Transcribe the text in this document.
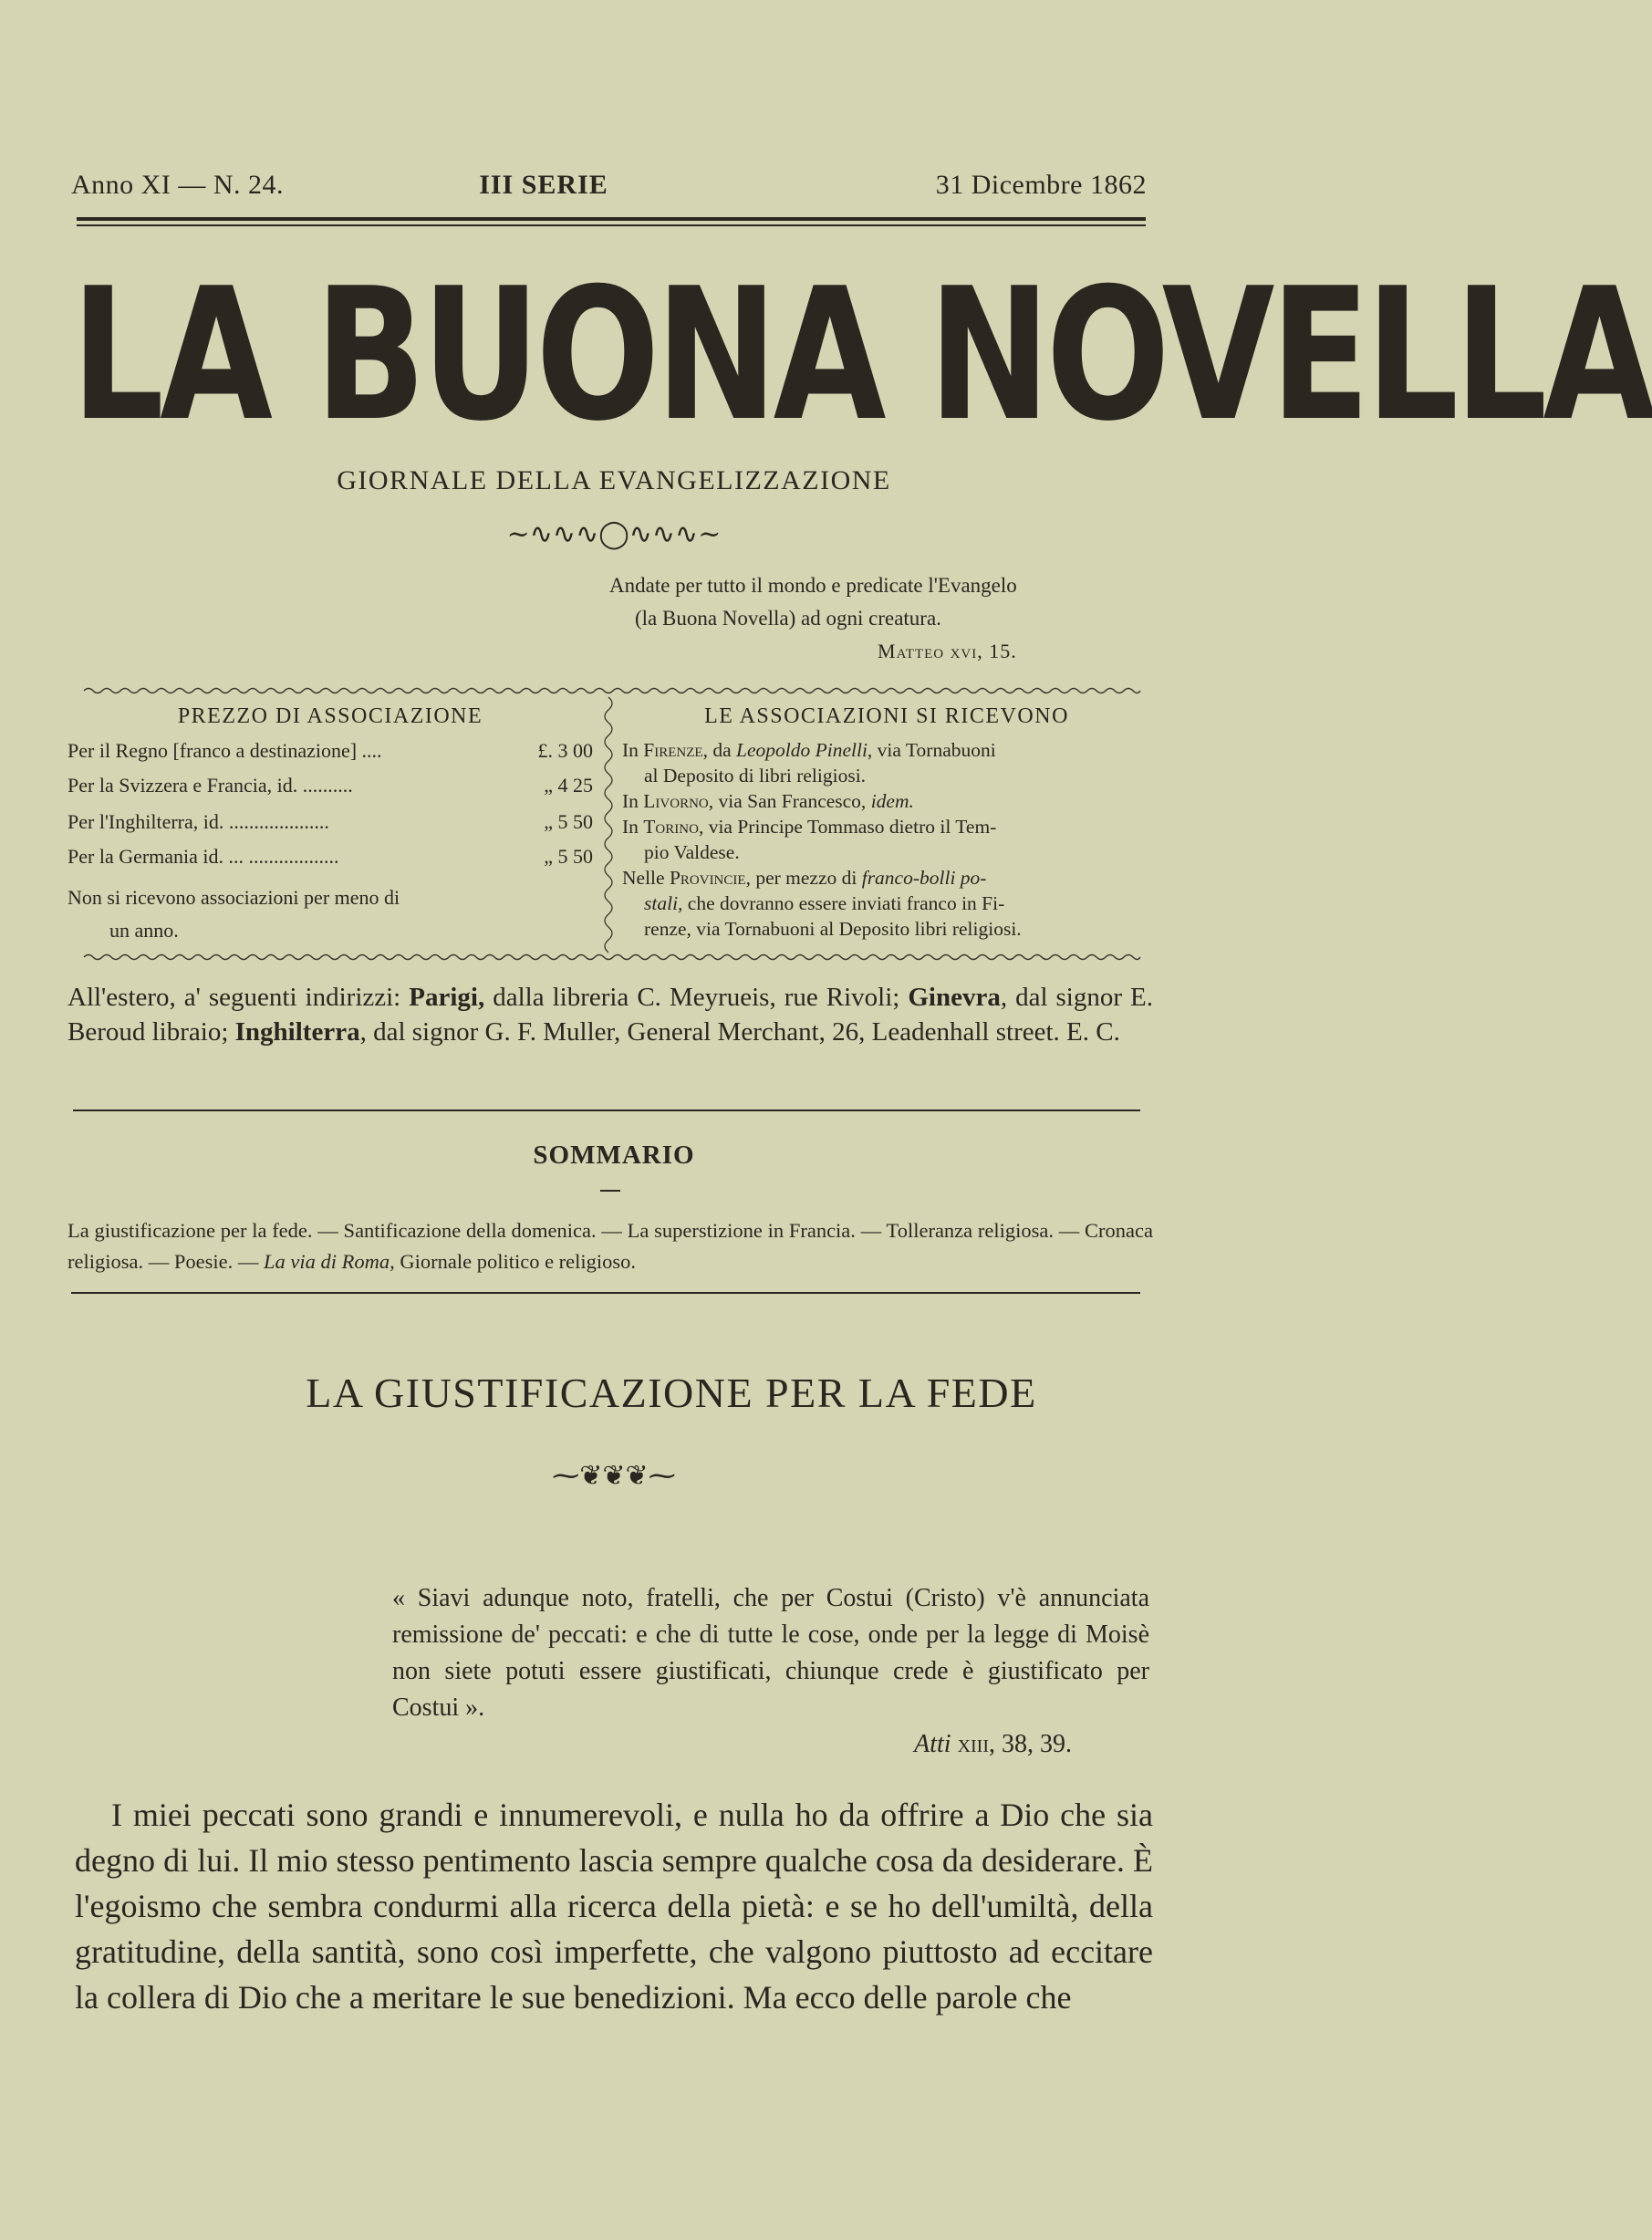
Anno XI — N. 24.	III SERIE	31 Dicembre 1862
LA BUONA NOVELLA
GIORNALE DELLA EVANGELIZZAZIONE
~∿∿∿◯∿∿∿~
Andate per tutto il mondo e predicate l'Evangelo
(la Buona Novella) ad ogni creatura.
Matteo xvi, 15.
PREZZO DI ASSOCIAZIONE
Per il Regno [franco a destinazione] ....	£. 3 00
Per la Svizzera e Francia, id. ..........	„ 4 25
Per l'Inghilterra, id. ....................	„ 5 50
Per la Germania id. ... ..................	„ 5 50
Non si ricevono associazioni per meno di
un anno.
LE ASSOCIAZIONI SI RICEVONO

In Firenze, da Leopoldo Pinelli, via Tornabuoni

al Deposito di libri religiosi.

In Livorno, via San Francesco, idem.

In Torino, via Principe Tommaso dietro il Tem-

pio Valdese.

Nelle Provincie, per mezzo di franco-bolli po-

stali, che dovranno essere inviati franco in Fi-

renze, via Tornabuoni al Deposito libri religiosi.

All'estero, a' seguenti indirizzi: Parigi, dalla libreria C. Meyrueis, rue Rivoli; Ginevra, dal signor E. Beroud libraio; Inghilterra, dal signor G. F. Muller, General Merchant, 26, Leadenhall street. E. C.
SOMMARIO
La giustificazione per la fede. — Santificazione della domenica. — La superstizione in Francia. — Tolleranza religiosa. — Cronaca religiosa. — Poesie. — La via di Roma, Giornale politico e religioso.
LA GIUSTIFICAZIONE PER LA FEDE
⁓❦❦❦⁓
« Siavi adunque noto, fratelli, che per Costui (Cristo) v'è annunciata remissione de' peccati: e che di tutte le cose, onde per la legge di Moisè non siete potuti essere giustificati, chiunque crede è giustificato per Costui ».
Atti xiii, 38, 39.

I miei peccati sono grandi e innumerevoli, e nulla ho da offrire a Dio che sia degno di lui. Il mio stesso pentimento lascia sempre qualche cosa da desiderare. È l'egoismo che sembra condurmi alla ricerca della pietà: e se ho dell'umiltà, della gratitudine, della santità, sono così imperfette, che valgono piuttosto ad eccitare la collera di Dio che a meritare le sue benedizioni. Ma ecco delle parole che
